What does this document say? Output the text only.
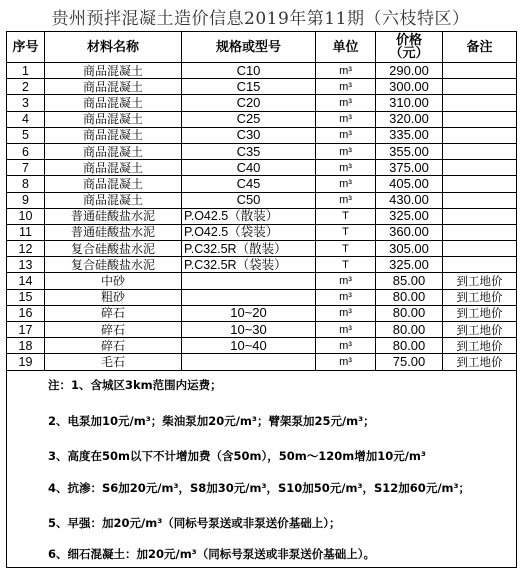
贵州预拌混凝土造价信息2019年第11期（六枝特区）
序号	材料名称	规格或型号	单位	价格（元）	备注
1	商品混凝土	C10	m³	290.00	
2	商品混凝土	C15	m³	300.00	
3	商品混凝土	C20	m³	310.00	
4	商品混凝土	C25	m³	320.00	
5	商品混凝土	C30	m³	335.00	
6	商品混凝土	C35	m³	355.00	
7	商品混凝土	C40	m³	375.00	
8	商品混凝土	C45	m³	405.00	
9	商品混凝土	C50	m³	430.00	
10	普通硅酸盐水泥	P.O42.5（散装）	T	325.00	
11	普通硅酸盐水泥	P.O42.5（袋装）	T	360.00	
12	复合硅酸盐水泥	P.C32.5R（散装）	T	305.00	
13	复合硅酸盐水泥	P.C32.5R（袋装）	T	325.00	
14	中砂		m³	85.00	到工地价
15	粗砂		m³	80.00	到工地价
16	碎石	10~20	m³	80.00	到工地价
17	碎石	10~30	m³	80.00	到工地价
18	碎石	10~40	m³	80.00	到工地价
19	毛石		m³	75.00	到工地价

注：1、含城区3km范围内运费；
2、电泵加10元/m³；柴油泵加20元/m³；臂架泵加25元/m³；
3、高度在50m以下不计增加费（含50m），50m～120m增加10元/m³
4、抗渗：S6加20元/m³，S8加30元/m³，S10加50元/m³，S12加60元/m³；
5、早强：加20元/m³（同标号泵送或非泵送价基础上）；
6、细石混凝土：加20元/m³（同标号泵送或非泵送价基础上）。
